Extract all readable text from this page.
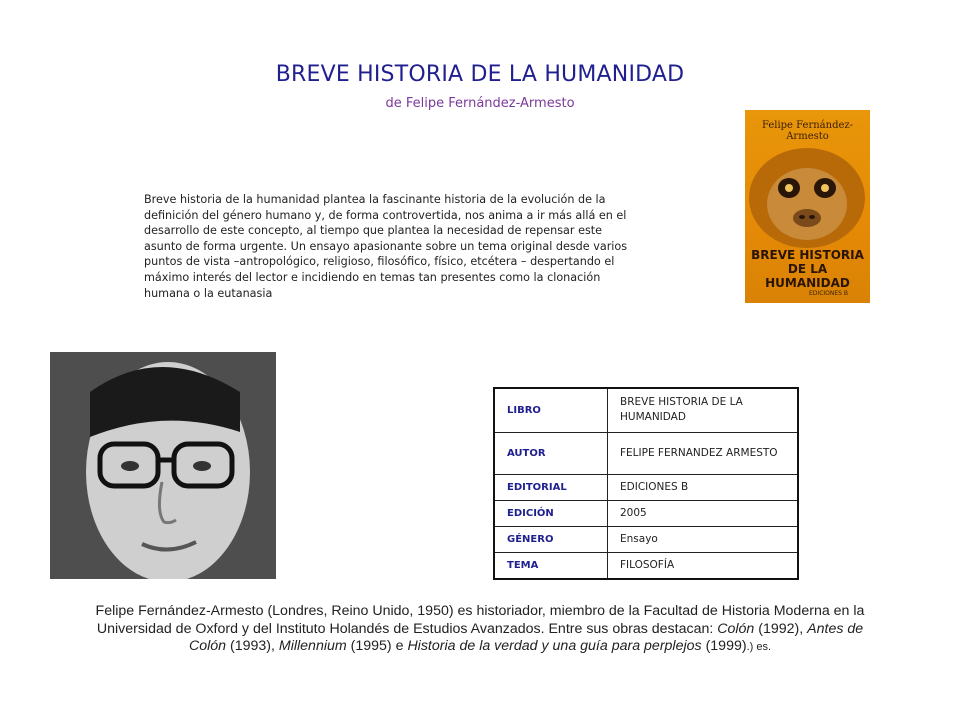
BREVE HISTORIA DE LA HUMANIDAD
de Felipe Fernández-Armesto
Breve historia de la humanidad plantea la fascinante historia de la evolución de la definición del género humano y, de forma controvertida, nos anima a ir más allá en el desarrollo de este concepto, al tiempo que plantea la necesidad de repensar este asunto de forma urgente. Un ensayo apasionante sobre un tema original desde varios puntos de vista –antropológico, religioso, filosófico, físico, etcétera – despertando el máximo interés del lector e incidiendo en temas tan presentes como la clonación humana o la eutanasia
Felipe Fernández-Armesto
BREVE HISTORIA
DE LA HUMANIDAD
EDICIONES B
LIBRO	BREVE HISTORIA DE LA HUMANIDAD
AUTOR	FELIPE FERNANDEZ ARMESTO
EDITORIAL	EDICIONES B
EDICIÓN	2005
GÉNERO	Ensayo
TEMA	FILOSOFÍA
Felipe Fernández-Armesto (Londres, Reino Unido, 1950) es historiador, miembro de la Facultad de Historia Moderna en la Universidad de Oxford y del Instituto Holandés de Estudios Avanzados. Entre sus obras destacan: Colón (1992), Antes de Colón (1993), Millennium (1995) e Historia de la verdad y una guía para perplejos (1999).) es.
